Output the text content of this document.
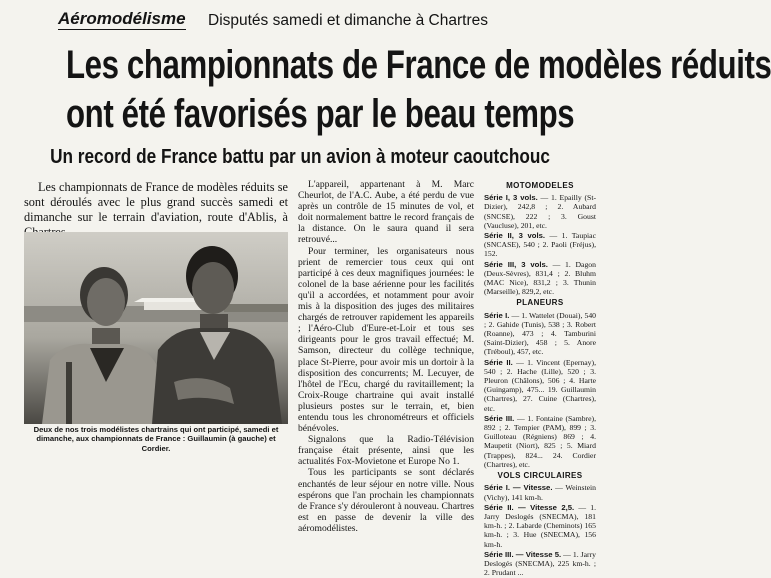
Aéromodélisme Disputés samedi et dimanche à Chartres
Les championnats de France de modèles réduits
ont été favorisés par le beau temps
Un record de France battu par un avion à moteur caoutchouc
Les championnats de France de modèles réduits se sont déroulés avec le plus grand succès samedi et dimanche sur le terrain d'aviation, route d'Ablis, à
Deux de nos trois modélistes chartrains qui ont participé, samedi et dimanche, aux championnats de France : Guillaumin (à gauche) et Cordier.

L'appareil, appartenant à M. Marc Cheurlot, de l'A.C. Aube, a été perdu de vue après un contrôle de 15 minutes de vol, et doit normalement battre le record français de la distance. On le saura quand il sera retrouvé...

Pour terminer, les organisateurs nous prient de remercier tous ceux qui ont participé à ces deux magnifiques journées: le colonel de la base aérienne pour les facilités qu'il a accordées, et notamment pour avoir mis à la disposition des juges des militaires chargés de retrouver rapidement les appareils ; l'Aéro-Club d'Eure-et-Loir et tous ses dirigeants pour le gros travail effectué; M. Samson, directeur du collège technique, place St-Pierre, pour avoir mis un dortoir à la disposition des concurrents; M. Lecuyer, de l'hôtel de l'Ecu, chargé du ravitaillement; la Croix-Rouge chartraine qui avait installé plusieurs postes sur le terrain, et, bien entendu tous les chronométreurs et officiels bénévoles.

Signalons que la Radio-Télévision française était présente, ainsi que les actualités Fox-Movietone et Europe No 1.

Tous les participants se sont déclarés enchantés de leur séjour en notre ville. Nous espérons que l'an prochain les championnats de France s'y dérouleront à nouveau. Chartres est en passe de devenir la ville des aéromodélistes.

MOTOMODELES

Série I, 3 vols. — 1. Epailly (St-Dizier), 242,8 ; 2. Aubard (SNCSE), 222 ; 3. Goust (Vaucluse), 201, etc.

Série II, 3 vols. — 1. Taupiac (SNCASE), 540 ; 2. Paoli (Fréjus), 152.

Série III, 3 vols. — 1. Dagon (Deux-Sèvres), 831,4 ; 2. Bluhm (MAC Nice), 831,2 ; 3. Thunin (Marseille), 829,2, etc.

PLANEURS

Série I. — 1. Wattelet (Douai), 540 ; 2. Gahide (Tunis), 538 ; 3. Robert (Roanne), 473 ; 4. Tamburini (Saint-Dizier), 458 ; 5. Anore (Tréboul), 457, etc.

Série II. — 1. Vincent (Epernay), 540 ; 2. Hache (Lille), 520 ; 3. Pleuron (Châlons), 506 ; 4. Harte (Guingamp), 475... 19. Guillaumin (Chartres), 27. Cuine (Chartres), etc.

Série III. — 1. Fontaine (Sambre), 892 ; 2. Tempier (PAM), 899 ; 3. Guilloteau (Régniens) 869 ; 4. Maupetit (Niort), 825 ; 5. Miard (Trappes), 824... 24. Cordier (Chartres), etc.

VOLS CIRCULAIRES

Série I. — Vitesse. — Weinstein (Vichy), 141 km-h.

Série II. — Vitesse 2,5. — 1. Jarry Deslogés (SNECMA), 181 km-h. ; 2. Labarde (Cheminots) 165 km-h. ; 3. Hue (SNECMA), 156 km-h.

Série III. — Vitesse 5. — 1. Jarry Deslogés (SNECMA), 225 km-h. ; 2. Prudant ...
